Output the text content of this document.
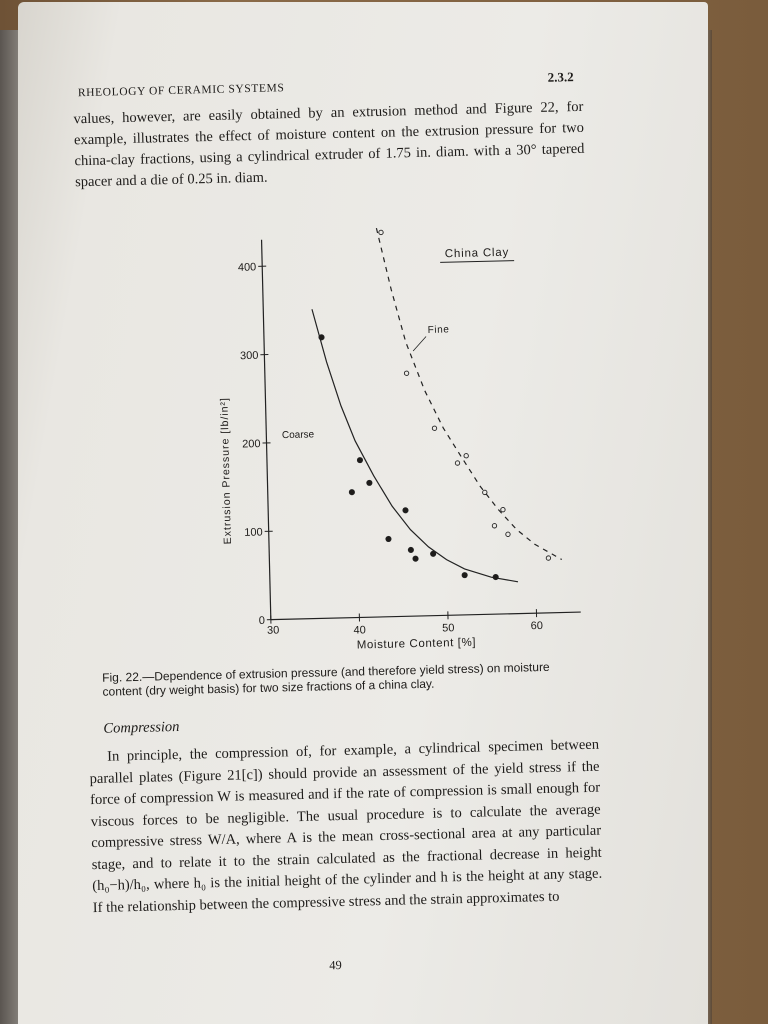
RHEOLOGY OF CERAMIC SYSTEMS
2.3.2

values, however, are easily obtained by an extrusion method and Figure 22, for example, illustrates the effect of moisture content on the extrusion pressure for two china-clay fractions, using a cylindrical extruder of 1.75 in. diam. with a 30° tapered spacer and a die of 0.25 in. diam.

40	50	60
30
0
100
200
300
400
Moisture Content [%]
Extrusion Pressure [lb/in²]
China Clay
Coarse
Fine
Fig. 22.—Dependence of extrusion pressure (and therefore yield stress) on moisture content (dry weight basis) for two size fractions of a china clay.
Compression

In principle, the compression of, for example, a cylindrical specimen between parallel plates (Figure 21[c]) should provide an assessment of the yield stress if the force of compression W is measured and if the rate of compression is small enough for viscous forces to be negligible. The usual procedure is to calculate the average compressive stress W/A, where A is the mean cross-sectional area at any particular stage, and to relate it to the strain calculated as the fractional decrease in height (h₀−h)/h₀, where h₀ is the initial height of the cylinder and h is the height at any stage. If the relationship between the compressive stress and the strain approximates to

49
